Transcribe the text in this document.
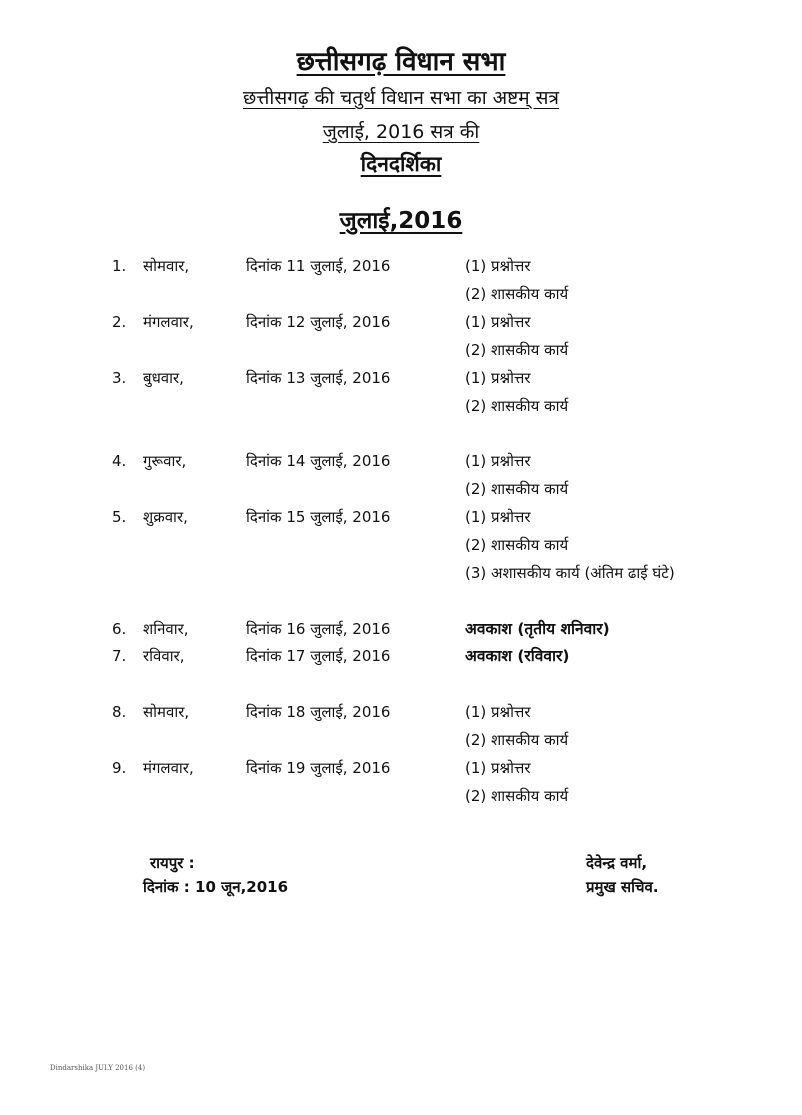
छत्तीसगढ़ विधान सभा
छत्तीसगढ़ की चतुर्थ विधान सभा का अष्टम् सत्र
जुलाई, 2016 सत्र की
दिनदर्शिका
जुलाई,2016
1. सोमवार,	दिनांक 11 जुलाई, 2016	(1) प्रश्नोत्तर
(2) शासकीय कार्य
2. मंगलवार,	दिनांक 12 जुलाई, 2016	(1) प्रश्नोत्तर
(2) शासकीय कार्य
3. बुधवार,	दिनांक 13 जुलाई, 2016	(1) प्रश्नोत्तर
(2) शासकीय कार्य
4. गुरूवार,	दिनांक 14 जुलाई, 2016	(1) प्रश्नोत्तर
(2) शासकीय कार्य
5. शुक्रवार,	दिनांक 15 जुलाई, 2016	(1) प्रश्नोत्तर
(2) शासकीय कार्य
(3) अशासकीय कार्य (अंतिम ढाई घंटे)
6. शनिवार,	दिनांक 16 जुलाई, 2016	अवकाश (तृतीय शनिवार)
7. रविवार,	दिनांक 17 जुलाई, 2016	अवकाश (रविवार)
8. सोमवार,	दिनांक 18 जुलाई, 2016	(1) प्रश्नोत्तर
(2) शासकीय कार्य
9. मंगलवार,	दिनांक 19 जुलाई, 2016	(1) प्रश्नोत्तर
(2) शासकीय कार्य
रायपुर :
दिनांक : 10 जून,2016
देवेन्द्र वर्मा,
प्रमुख सचिव.
Dindarshika JULY 2016 (4)
